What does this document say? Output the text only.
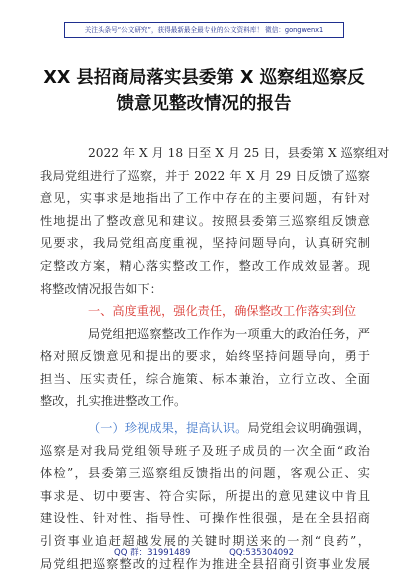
关注头条号“公文研究”，获得最新最全最专业的公文资料库！ 微信：gongwenx1
XX 县招商局落实县委第 X 巡察组巡察反
馈意见整改情况的报告
2022 年 X 月 18 日至 X 月 25 日，县委第 X 巡察组对
我局党组进行了巡察，并于 2022 年 X 月 29 日反馈了巡察
意见，实事求是地指出了工作中存在的主要问题，有针对
性地提出了整改意见和建议。按照县委第三巡察组反馈意
见要求，我局党组高度重视，坚持问题导向，认真研究制
定整改方案，精心落实整改工作，整改工作成效显著。现
将整改情况报告如下：
一、高度重视，强化责任，确保整改工作落实到位
局党组把巡察整改工作作为一项重大的政治任务，严
格对照反馈意见和提出的要求，始终坚持问题导向，勇于
担当、压实责任，综合施策、标本兼治，立行立改、全面
整改，扎实推进整改工作。
（一）珍视成果，提高认识。局党组会议明确强调，
巡察是对我局党组领导班子及班子成员的一次全面“政治
体检”，县委第三巡察组反馈指出的问题，客观公正、实
事求是、切中要害、符合实际，所提出的意见建议中肯且
建设性、针对性、指导性、可操作性很强，是在全县招商
引资事业追赶超越发展的关键时期送来的一剂“良药”，
局党组把巡察整改的过程作为推进全县招商引资事业发展
QQ 群：31991489	QQ:535304092
